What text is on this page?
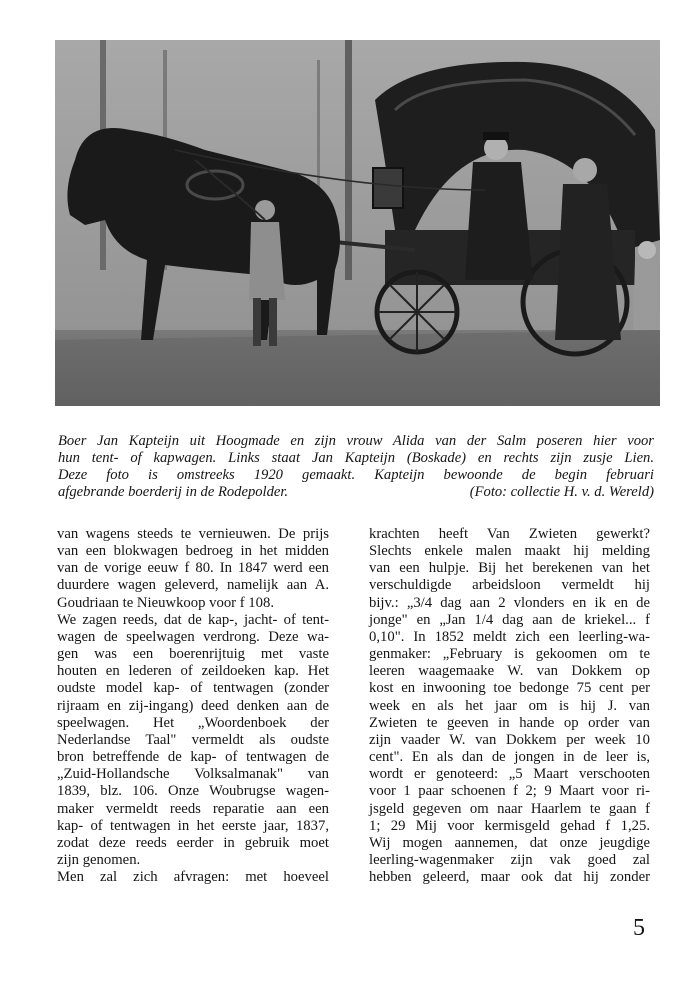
Boer Jan Kapteijn uit Hoogmade en zijn vrouw Alida van der Salm poseren hier voor
hun tent- of kapwagen. Links staat Jan Kapteijn (Boskade) en rechts zijn zusje Lien.
Deze foto is omstreeks 1920 gemaakt. Kapteijn bewoonde de begin februari
afgebrande boerderij in de Rodepolder.	(Foto: collectie H. v. d. Wereld)

van wagens steeds te vernieuwen. De prijs
van een blokwagen bedroeg in het midden
van de vorige eeuw f 80. In 1847 werd een
duurdere wagen geleverd, namelijk aan A.
Goudriaan te Nieuwkoop voor f 108.
We zagen reeds, dat de kap-, jacht- of tent-
wagen de speelwagen verdrong. Deze wa-
gen was een boerenrijtuig met vaste
houten en lederen of zeildoeken kap. Het
oudste model kap- of tentwagen (zonder
rijraam en zij-ingang) deed denken aan de
speelwagen. Het „Woordenboek der
Nederlandse Taal" vermeldt als oudste
bron betreffende de kap- of tentwagen de
„Zuid-Hollandsche Volksalmanak" van
1839, blz. 106. Onze Woubrugse wagen-
maker vermeldt reeds reparatie aan een
kap- of tentwagen in het eerste jaar, 1837,
zodat deze reeds eerder in gebruik moet
zijn genomen.
Men zal zich afvragen: met hoeveel
krachten heeft Van Zwieten gewerkt?
Slechts enkele malen maakt hij melding
van een hulpje. Bij het berekenen van het
verschuldigde arbeidsloon vermeldt hij
bijv.: „3/4 dag aan 2 vlonders en ik en de
jonge" en „Jan 1/4 dag aan de kriekel... f
0,10". In 1852 meldt zich een leerling-wa-
genmaker: „February is gekoomen om te
leeren waagemaake W. van Dokkem op
kost en inwooning toe bedonge 75 cent per
week en als het jaar om is hij J. van
Zwieten te geeven in hande op order van
zijn vaader W. van Dokkem per week 10
cent". En als dan de jongen in de leer is,
wordt er genoteerd: „5 Maart verschooten
voor 1 paar schoenen f 2; 9 Maart voor ri-
jsgeld gegeven om naar Haarlem te gaan f
1; 29 Mij voor kermisgeld gehad f 1,25.
Wij mogen aannemen, dat onze jeugdige
leerling-wagenmaker zijn vak goed zal
hebben geleerd, maar ook dat hij zonder
5
